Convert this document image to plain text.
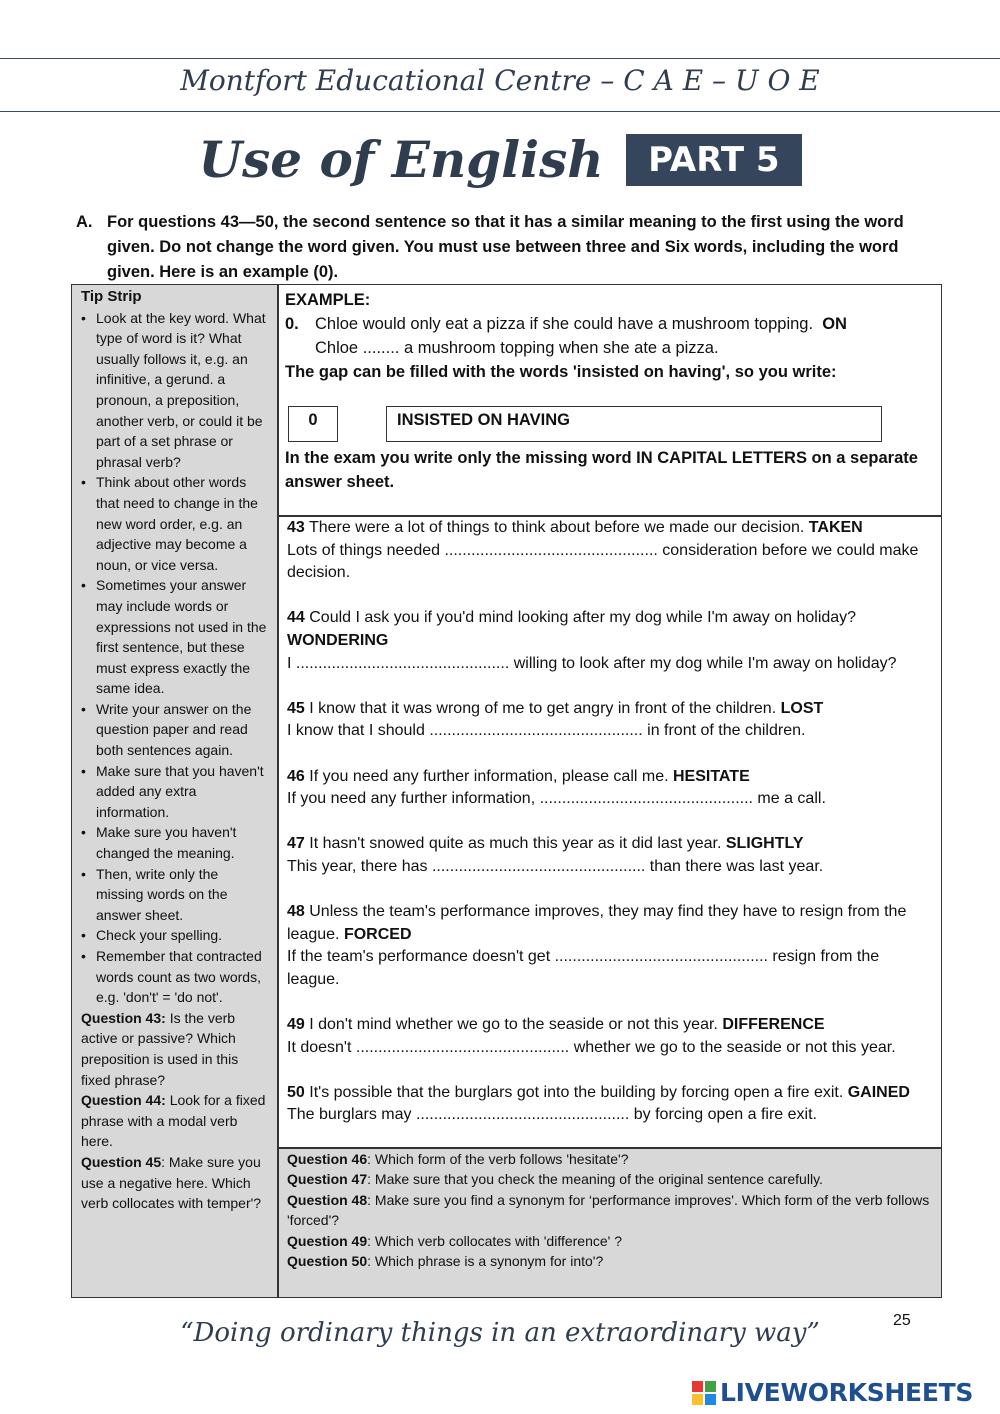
Montfort Educational Centre – C A E – U O E
Use of English PART 5
A. For questions 43—50, the second sentence so that it has a similar meaning to the first using the word given. Do not change the word given. You must use between three and Six words, including the word given. Here is an example (0).
Tip Strip
• Look at the key word. What type of word is it? What usually follows it, e.g. an infinitive, a gerund. a pronoun, a preposition, another verb, or could it be part of a set phrase or phrasal verb?
• Think about other words that need to change in the new word order, e.g. an adjective may become a noun, or vice versa.
• Sometimes your answer may include words or expressions not used in the first sentence, but these must express exactly the same idea.
• Write your answer on the question paper and read both sentences again.
• Make sure that you haven't added any extra information.
• Make sure you haven't changed the meaning.
• Then, write only the missing words on the answer sheet.
• Check your spelling.
• Remember that contracted words count as two words, e.g. 'don't' = 'do not'.
Question 43: Is the verb active or passive? Which preposition is used in this fixed phrase?
Question 44: Look for a fixed phrase with a modal verb here.
Question 45: Make sure you use a negative here. Which verb collocates with temper'?
EXAMPLE:
0. Chloe would only eat a pizza if she could have a mushroom topping. ON
Chloe ........ a mushroom topping when she ate a pizza.
The gap can be filled with the words 'insisted on having', so you write:
0	INSISTED ON HAVING
In the exam you write only the missing word IN CAPITAL LETTERS on a separate answer sheet.
43 There were a lot of things to think about before we made our decision. TAKEN
Lots of things needed ................................................ consideration before we could make decision.
44 Could I ask you if you'd mind looking after my dog while I'm away on holiday? WONDERING
I ................................................ willing to look after my dog while I'm away on holiday?
45 I know that it was wrong of me to get angry in front of the children. LOST
I know that I should ................................................ in front of the children.
46 If you need any further information, please call me. HESITATE
If you need any further information, ................................................ me a call.
47 It hasn't snowed quite as much this year as it did last year. SLIGHTLY
This year, there has ................................................ than there was last year.
48 Unless the team's performance improves, they may find they have to resign from the league. FORCED
If the team's performance doesn't get ................................................ resign from the league.
49 I don't mind whether we go to the seaside or not this year. DIFFERENCE
It doesn't ................................................ whether we go to the seaside or not this year.
50 It's possible that the burglars got into the building by forcing open a fire exit. GAINED
The burglars may ................................................ by forcing open a fire exit.
Question 46: Which form of the verb follows 'hesitate'?
Question 47: Make sure that you check the meaning of the original sentence carefully.
Question 48: Make sure you find a synonym for ‘performance improves'. Which form of the verb follows 'forced'?
Question 49: Which verb collocates with 'difference' ?
Question 50: Which phrase is a synonym for into'?
“Doing ordinary things in an extraordinary way”	25
LIVEWORKSHEETS
